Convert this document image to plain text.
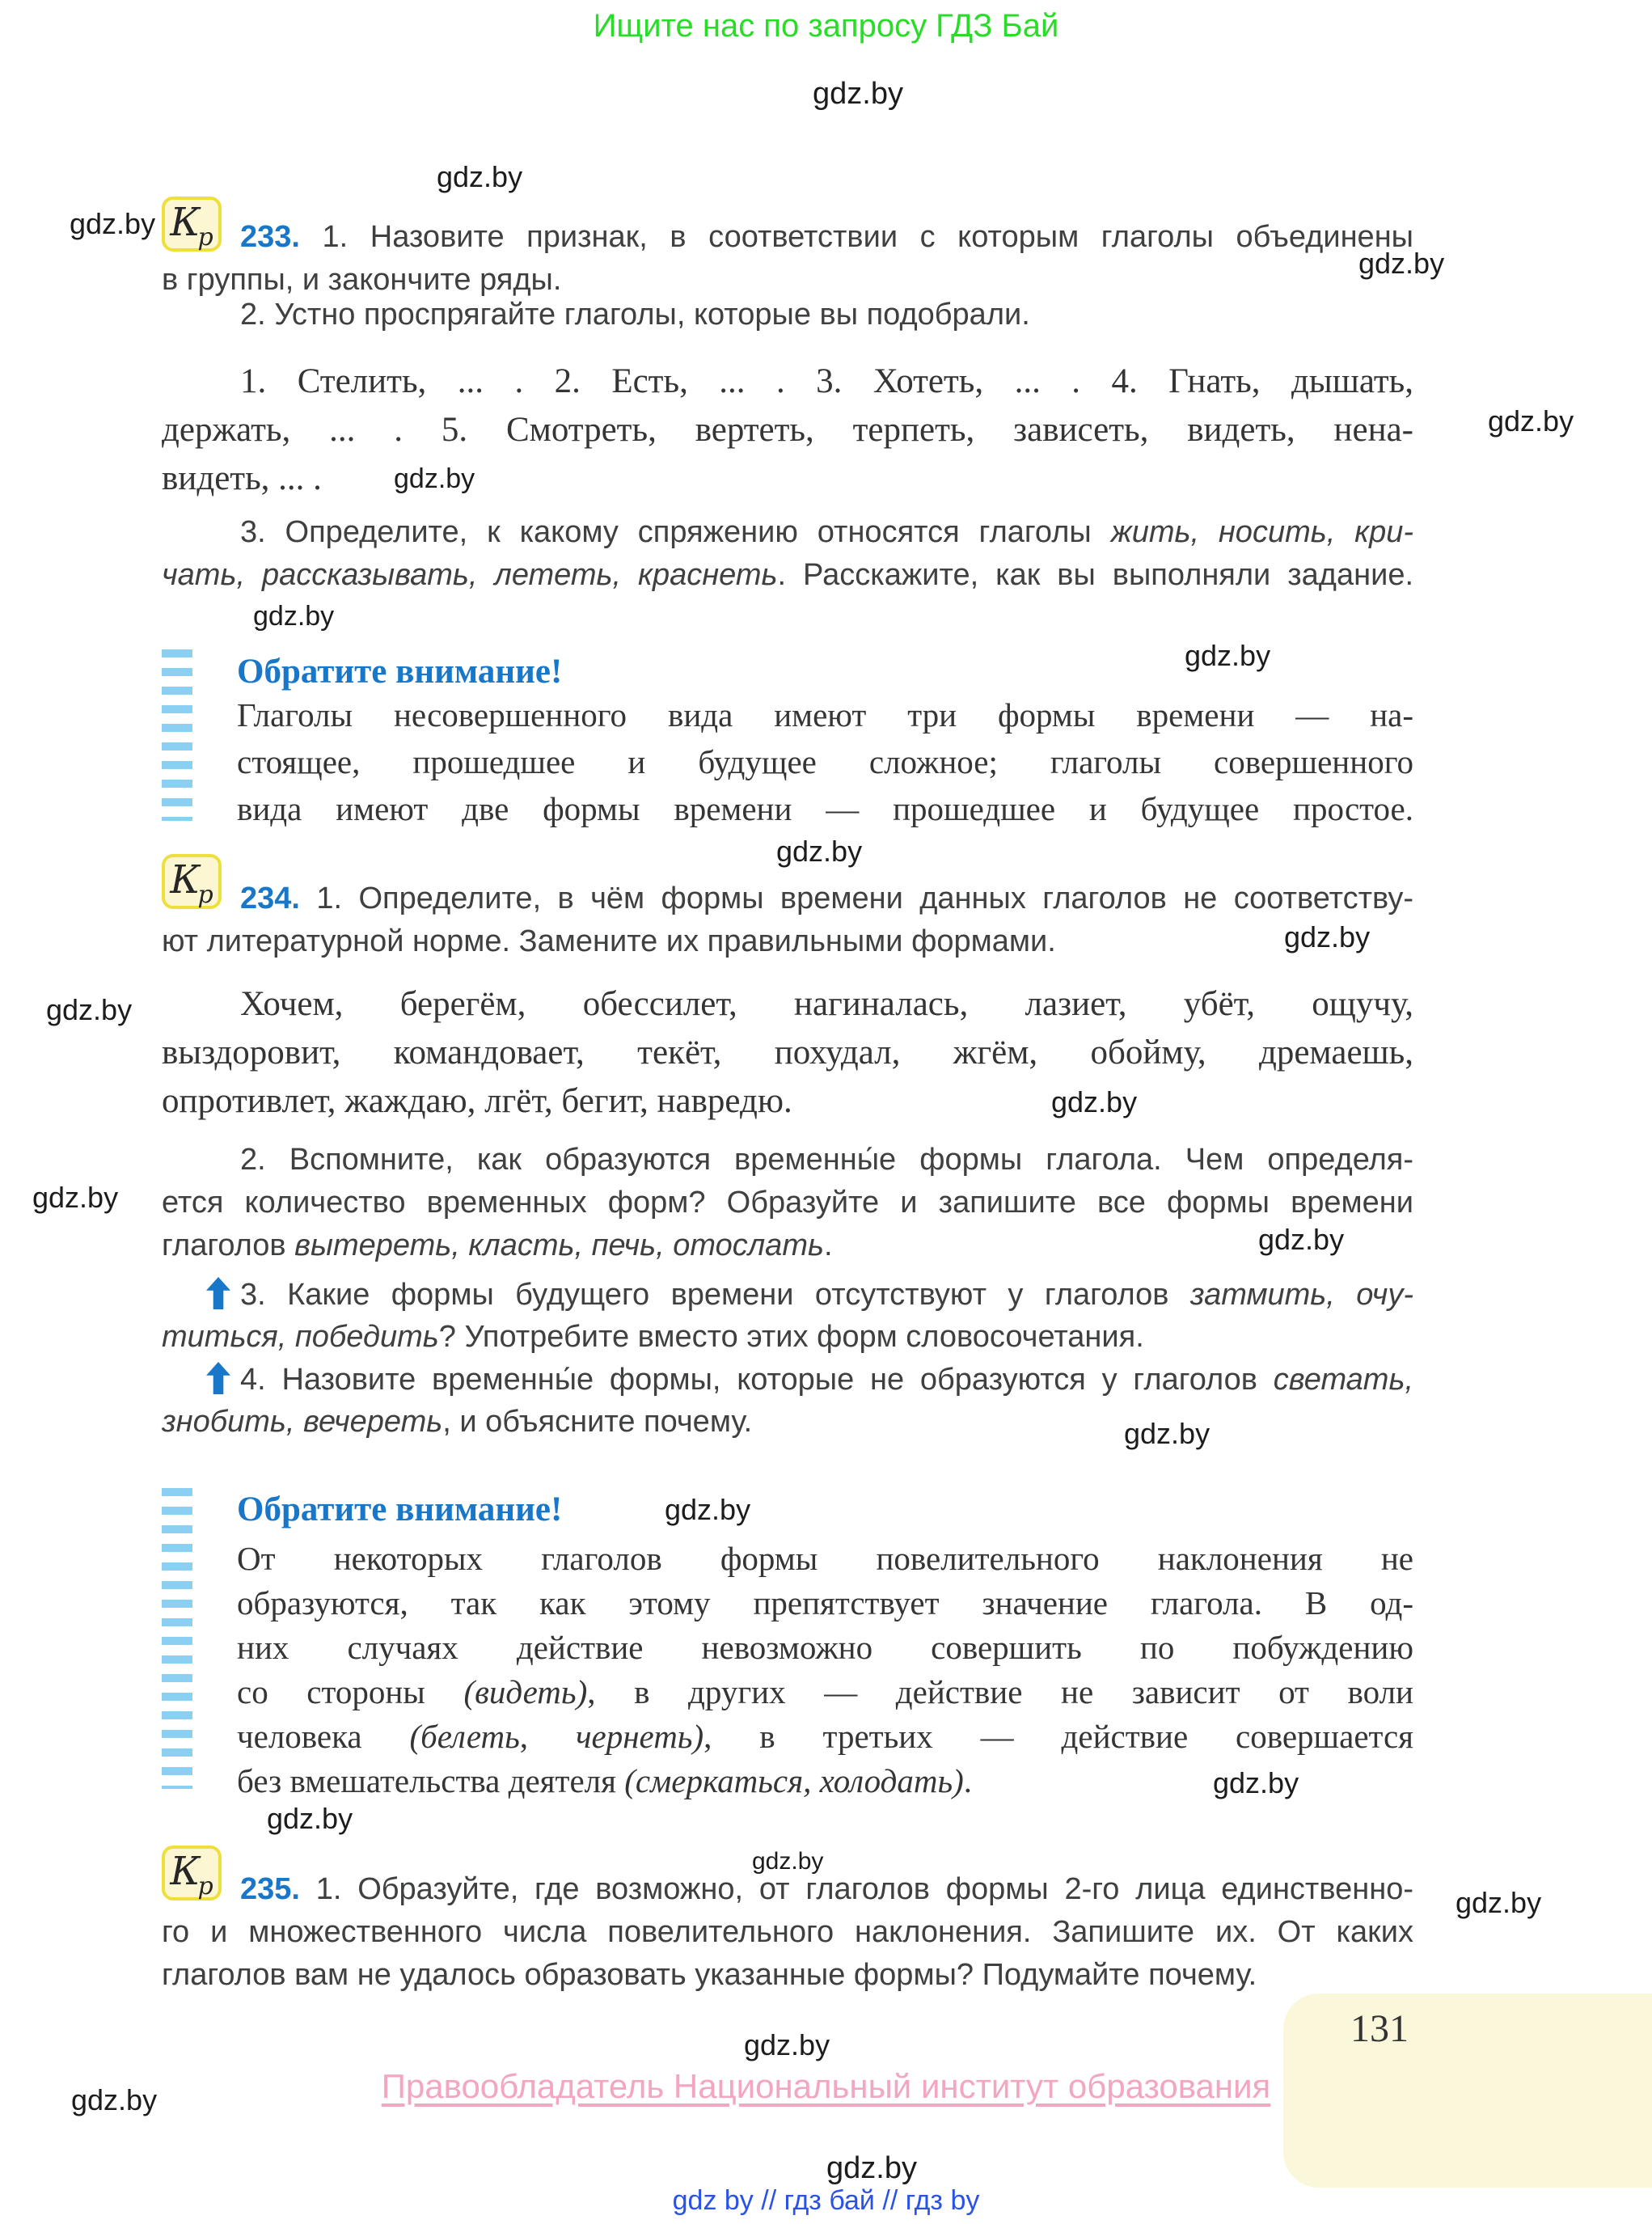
Ищите нас по запросу ГДЗ Бай
gdz.by
gdz.by
gdz.by
gdz.by
gdz.by
gdz.by
gdz.by
gdz.by
gdz.by
gdz.by
gdz.by
gdz.by
gdz.by
gdz.by
gdz.by
gdz.by
gdz.by
gdz.by
gdz.by
gdz.by
gdz.by
gdz.by
gdz.by
Кр
Кр
Кр
233. 1. Назовите признак, в соответствии с которым глаголы объединены
в группы, и закончите ряды.
2. Устно проспрягайте глаголы, которые вы подобрали.
1. Стелить, ... . 2. Есть, ... . 3. Хотеть, ... . 4. Гнать, дышать,
держать, ... . 5. Смотреть, вертеть, терпеть, зависеть, видеть, нена-
видеть, ... .
3. Определите, к какому спряжению относятся глаголы жить, носить, кри-
чать, рассказывать, лететь, краснеть. Расскажите, как вы выполняли задание.
Обратите внимание!
Глаголы несовершенного вида имеют три формы времени — на-
стоящее, прошедшее и будущее сложное; глаголы совершенного
вида имеют две формы времени — прошедшее и будущее простое.
234. 1. Определите, в чём формы времени данных глаголов не соответству-
ют литературной норме. Замените их правильными формами.
Хочем, берегём, обессилет, нагиналась, лазиет, убёт, ощучу,
выздоровит, командовает, текёт, похудал, жгём, обойму, дремаешь,
опротивлет, жаждаю, лгёт, бегит, навредю.
2. Вспомните, как образуются временны́е формы глагола. Чем определя-
ется количество временных форм? Образуйте и запишите все формы времени
глаголов вытереть, класть, печь, отослать.
3. Какие формы будущего времени отсутствуют у глаголов затмить, очу-
титься, победить? Употребите вместо этих форм словосочетания.
4. Назовите временны́е формы, которые не образуются у глаголов светать,
знобить, вечереть, и объясните почему.
Обратите внимание!
От некоторых глаголов формы повелительного наклонения не
образуются, так как этому препятствует значение глагола. В од-
них случаях действие невозможно совершить по побуждению
со стороны (видеть), в других — действие не зависит от воли
человека (белеть, чернеть), в третьих — действие совершается
без вмешательства деятеля (смеркаться, холодать).
235. 1. Образуйте, где возможно, от глаголов формы 2-го лица единственно-
го и множественного числа повелительного наклонения. Запишите их. От каких
глаголов вам не удалось образовать указанные формы? Подумайте почему.
131
Правообладатель Национальный институт образования
gdz by // гдз бай // гдз by
